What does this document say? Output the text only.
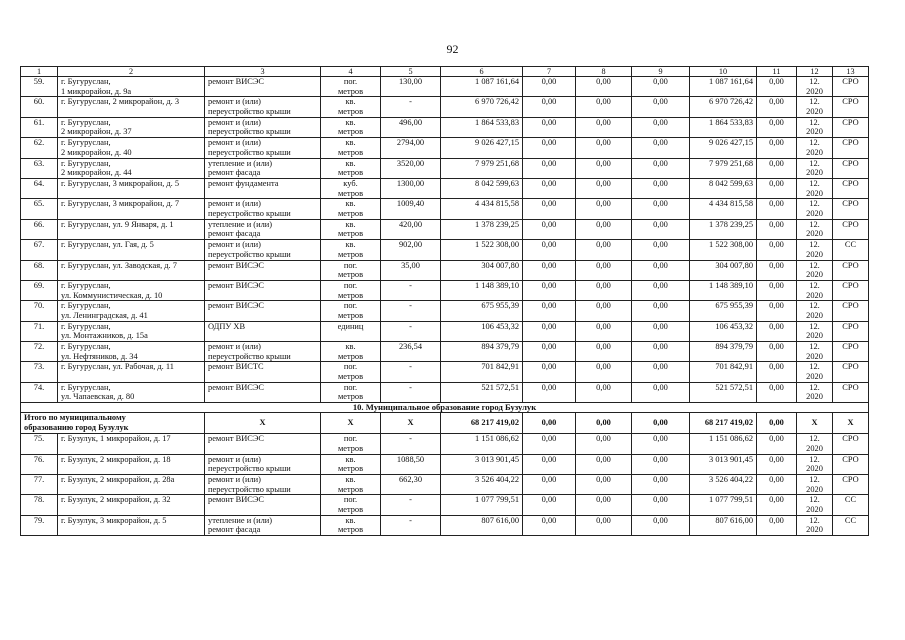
92
1	2	3	4	5	6	7	8	9	10	11	12	13
59.	г. Бугуруслан,
1 микрорайон, д. 9а	ремонт ВИСЭС	пог.
метров	130,00	1 087 161,64	0,00	0,00	0,00	1 087 161,64	0,00	12.
2020	СРО
60.	г. Бугуруслан, 2 микрорайон, д. 3	ремонт и (или)
переустройство крыши	кв.
метров	-	6 970 726,42	0,00	0,00	0,00	6 970 726,42	0,00	12.
2020	СРО
61.	г. Бугуруслан,
2 микрорайон, д. 37	ремонт и (или)
переустройство крыши	кв.
метров	496,00	1 864 533,83	0,00	0,00	0,00	1 864 533,83	0,00	12.
2020	СРО
62.	г. Бугуруслан,
2 микрорайон, д. 40	ремонт и (или)
переустройство крыши	кв.
метров	2794,00	9 026 427,15	0,00	0,00	0,00	9 026 427,15	0,00	12.
2020	СРО
63.	г. Бугуруслан,
2 микрорайон, д. 44	утепление и (или)
ремонт фасада	кв.
метров	3520,00	7 979 251,68	0,00	0,00	0,00	7 979 251,68	0,00	12.
2020	СРО
64.	г. Бугуруслан, 3 микрорайон, д. 5	ремонт фундамента	куб.
метров	1300,00	8 042 599,63	0,00	0,00	0,00	8 042 599,63	0,00	12.
2020	СРО
65.	г. Бугуруслан, 3 микрорайон, д. 7	ремонт и (или)
переустройство крыши	кв.
метров	1009,40	4 434 815,58	0,00	0,00	0,00	4 434 815,58	0,00	12.
2020	СРО
66.	г. Бугуруслан, ул. 9 Января, д. 1	утепление и (или)
ремонт фасада	кв.
метров	420,00	1 378 239,25	0,00	0,00	0,00	1 378 239,25	0,00	12.
2020	СРО
67.	г. Бугуруслан, ул. Гая, д. 5	ремонт и (или)
переустройство крыши	кв.
метров	902,00	1 522 308,00	0,00	0,00	0,00	1 522 308,00	0,00	12.
2020	СС
68.	г. Бугуруслан, ул. Заводская, д. 7	ремонт ВИСЭС	пог.
метров	35,00	304 007,80	0,00	0,00	0,00	304 007,80	0,00	12.
2020	СРО
69.	г. Бугуруслан,
ул. Коммунистическая, д. 10	ремонт ВИСЭС	пог.
метров	-	1 148 389,10	0,00	0,00	0,00	1 148 389,10	0,00	12.
2020	СРО
70.	г. Бугуруслан,
ул. Ленинградская, д. 41	ремонт ВИСЭС	пог.
метров	-	675 955,39	0,00	0,00	0,00	675 955,39	0,00	12.
2020	СРО
71.	г. Бугуруслан,
ул. Монтажников, д. 15а	ОДПУ ХВ	единиц	-	106 453,32	0,00	0,00	0,00	106 453,32	0,00	12.
2020	СРО
72.	г. Бугуруслан,
ул. Нефтяников, д. 34	ремонт и (или)
переустройство крыши	кв.
метров	236,54	894 379,79	0,00	0,00	0,00	894 379,79	0,00	12.
2020	СРО
73.	г. Бугуруслан, ул. Рабочая, д. 11	ремонт ВИСТС	пог.
метров	-	701 842,91	0,00	0,00	0,00	701 842,91	0,00	12.
2020	СРО
74.	г. Бугуруслан,
ул. Чапаевская, д. 80	ремонт ВИСЭС	пог.
метров	-	521 572,51	0,00	0,00	0,00	521 572,51	0,00	12.
2020	СРО
10. Муниципальное образование город Бузулук												

Итого по муниципальному
образованию город Бузулук		X	X	X	68 217 419,02	0,00	0,00	0,00	68 217 419,02	0,00	X	X
75.	г. Бузулук, 1 микрорайон, д. 17	ремонт ВИСЭС	пог.
метров	-	1 151 086,62	0,00	0,00	0,00	1 151 086,62	0,00	12.
2020	СРО
76.	г. Бузулук, 2 микрорайон, д. 18	ремонт и (или)
переустройство крыши	кв.
метров	1088,50	3 013 901,45	0,00	0,00	0,00	3 013 901,45	0,00	12.
2020	СРО
77.	г. Бузулук, 2 микрорайон, д. 28а	ремонт и (или)
переустройство крыши	кв.
метров	662,30	3 526 404,22	0,00	0,00	0,00	3 526 404,22	0,00	12.
2020	СРО
78.	г. Бузулук, 2 микрорайон, д. 32	ремонт ВИСЭС	пог.
метров	-	1 077 799,51	0,00	0,00	0,00	1 077 799,51	0,00	12.
2020	СС
79.	г. Бузулук, 3 микрорайон, д. 5	утепление и (или)
ремонт фасада	кв.
метров	-	807 616,00	0,00	0,00	0,00	807 616,00	0,00	12.
2020	СС
